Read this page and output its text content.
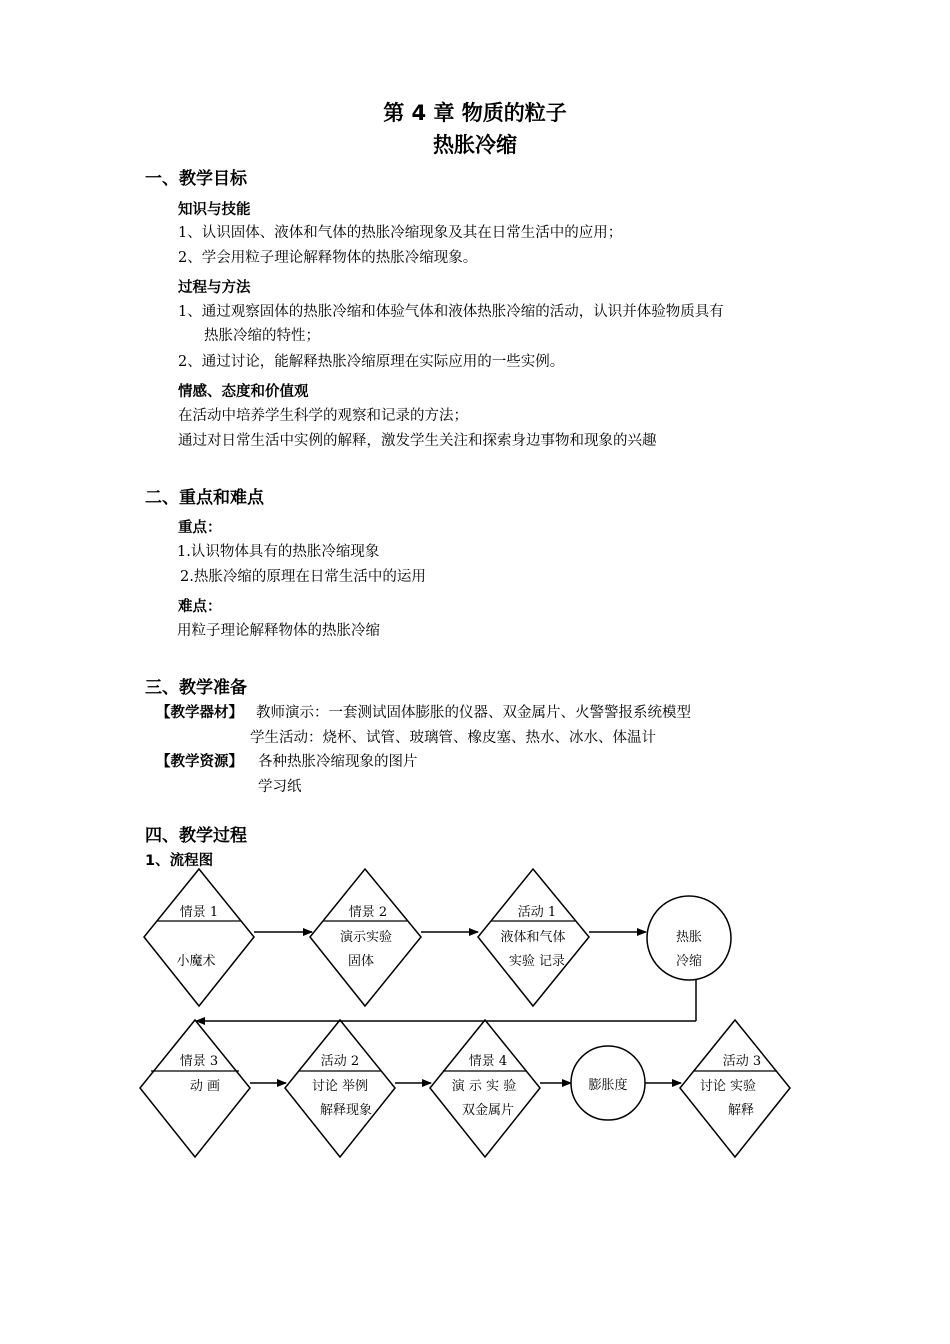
第 4 章 物质的粒子
热胀冷缩
一、教学目标
知识与技能
1、认识固体、液体和气体的热胀冷缩现象及其在日常生活中的应用；
2、学会用粒子理论解释物体的热胀冷缩现象。
过程与方法
1、通过观察固体的热胀冷缩和体验气体和液体热胀冷缩的活动，认识并体验物质具有
热胀冷缩的特性；
2、通过讨论，能解释热胀冷缩原理在实际应用的一些实例。
情感、态度和价值观
在活动中培养学生科学的观察和记录的方法；
通过对日常生活中实例的解释，激发学生关注和探索身边事物和现象的兴趣
二、重点和难点
重点：
1.认识物体具有的热胀冷缩现象
2.热胀冷缩的原理在日常生活中的运用
难点：
用粒子理论解释物体的热胀冷缩
三、教学准备
【教学器材】 教师演示：一套测试固体膨胀的仪器、双金属片、火警警报系统模型
学生活动：烧杯、试管、玻璃管、橡皮塞、热水、冰水、体温计
【教学资源】 各种热胀冷缩现象的图片
学习纸
四、教学过程
1、流程图
情景 1
小魔术
情景 2
演示实验
固体
活动 1
液体和气体
实验 记录
热胀
冷缩
情景 3
动 画
活动 2
讨论 举例
解释现象
情景 4
演 示 实 验
双金属片
膨胀度
活动 3
讨论 实验
解释
